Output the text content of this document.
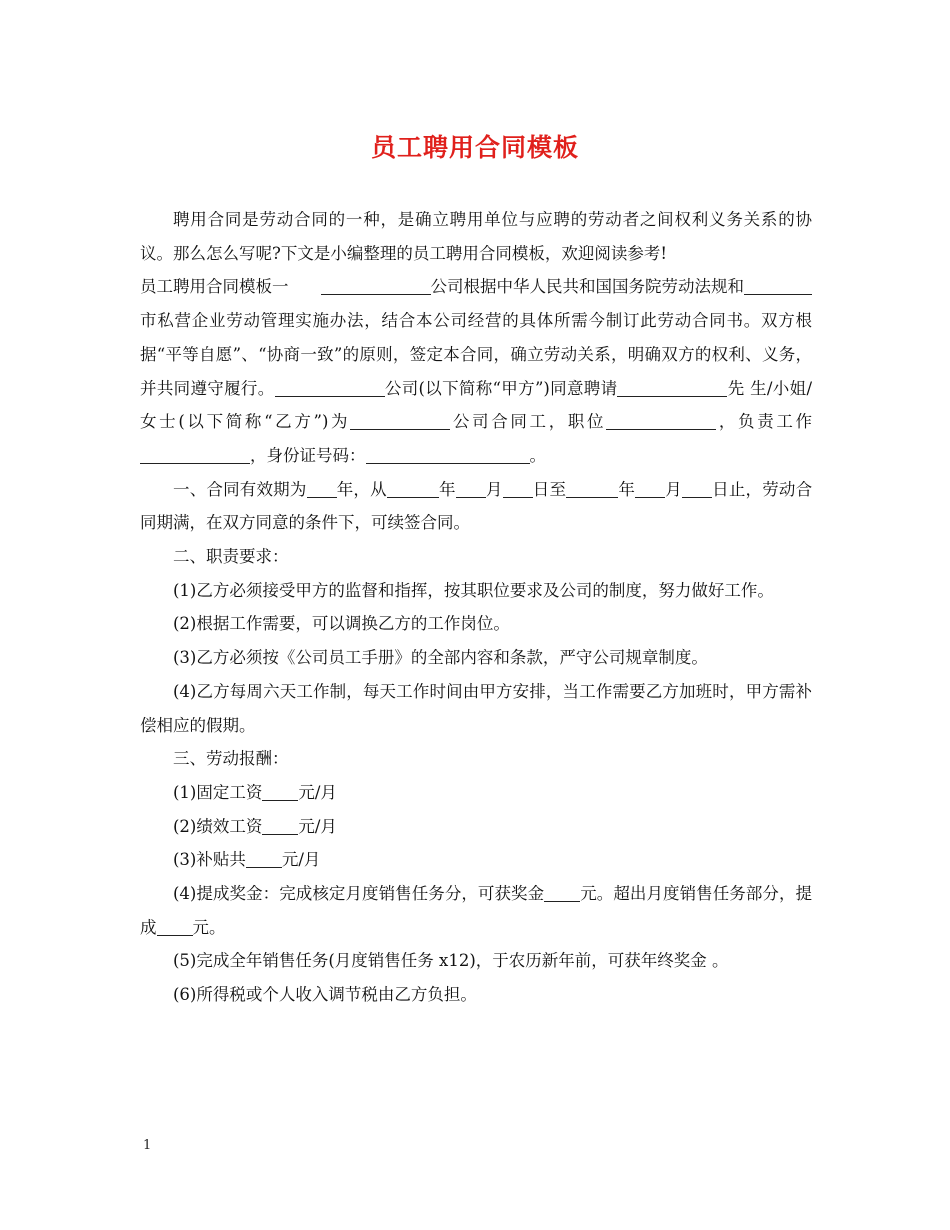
员工聘用合同模板

聘用合同是劳动合同的一种，是确立聘用单位与应聘的劳动者之间权利义务关系的协议。那么怎么写呢?下文是小编整理的员工聘用合同模板，欢迎阅读参考!

员工聘用合同模板一	公司根据中华人民共和国国务院劳动法规和市私营企业劳动管理实施办法，结合本公司经营的具体所需今制订此劳动合同书。双方根据“平等自愿”、“协商一致”的原则，签定本合同，确立劳动关系，明确双方的权利、义务，并共同遵守履行。	公司(以下简称“甲方”)同意聘请	先 生/小姐/女士(以下简称“乙方”)为	公司合同工，职位	，负责工作，身份证号码：	。

一、合同有效期为 年，从	年 月 日至	年 月 日止，劳动合同期满，在双方同意的条件下，可续签合同。

二、职责要求：

(1)乙方必须接受甲方的监督和指挥，按其职位要求及公司的制度，努力做好工作。

(2)根据工作需要，可以调换乙方的工作岗位。

(3)乙方必须按《公司员工手册》的全部内容和条款，严守公司规章制度。

(4)乙方每周六天工作制，每天工作时间由甲方安排，当工作需要乙方加班时，甲方需补偿相应的假期。

三、劳动报酬：

(1)固定工资 元/月

(2)绩效工资 元/月

(3)补贴共 元/月

(4)提成奖金：完成核定月度销售任务分，可获奖金 元。超出月度销售任务部分，提成 元。

(5)完成全年销售任务(月度销售任务 x12)，于农历新年前，可获年终奖金 。

(6)所得税或个人收入调节税由乙方负担。

1
